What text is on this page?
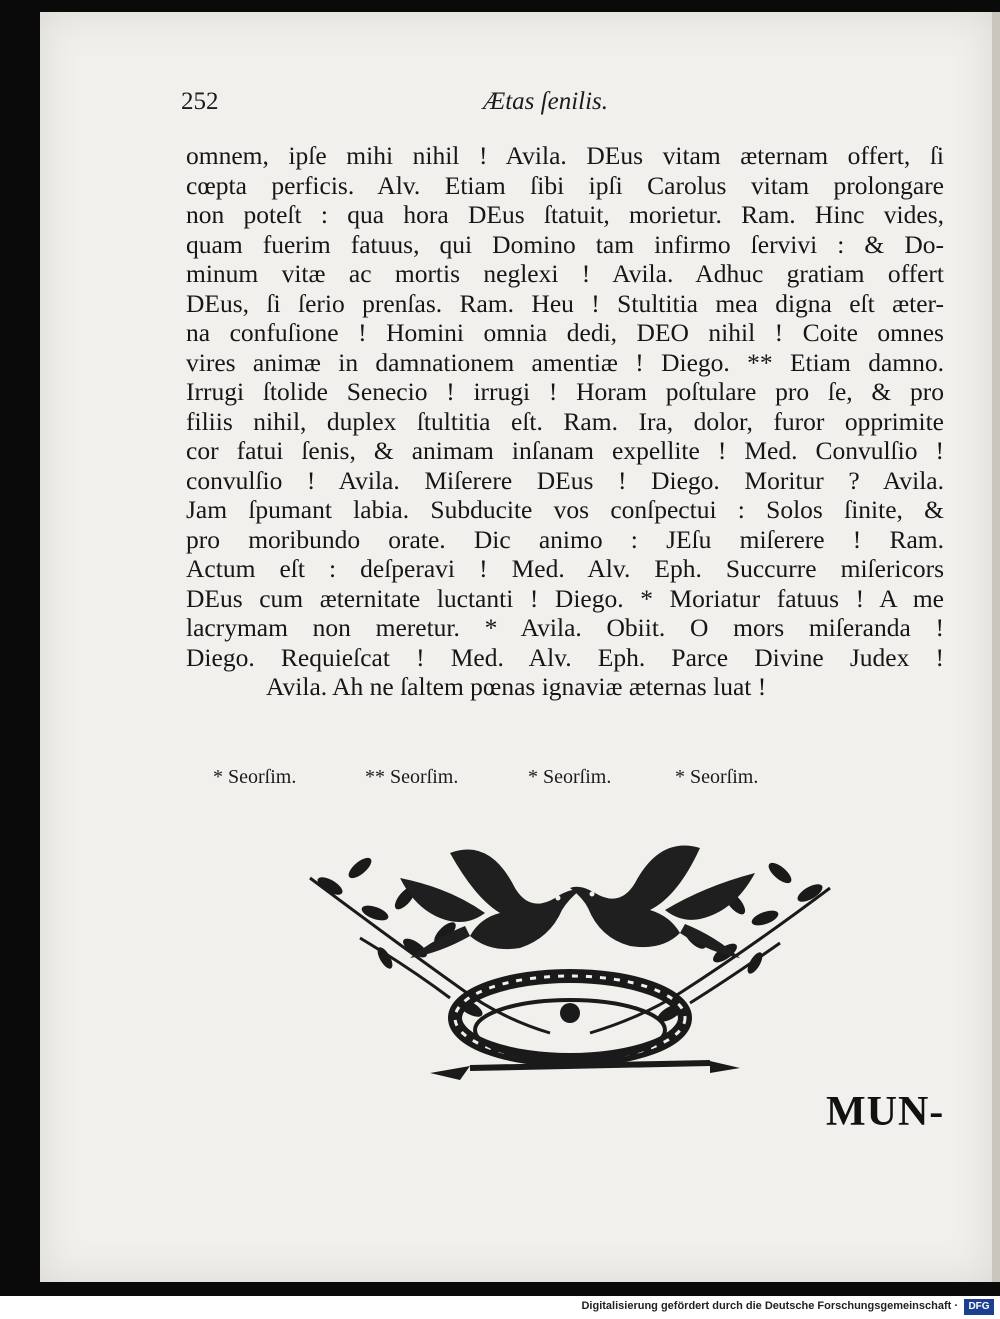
252	Ætas ſenilis.
omnem, ipſe mihi nihil ! Avila. DEus vitam æternam offert, ſi
cœpta perficis. Alv. Etiam ſibi ipſi Carolus vitam prolongare
non poteſt : qua hora DEus ſtatuit, morietur. Ram. Hinc vides,
quam fuerim fatuus, qui Domino tam infirmo ſervivi : & Do-
minum vitæ ac mortis neglexi ! Avila. Adhuc gratiam offert
DEus, ſi ſerio prenſas. Ram. Heu ! Stultitia mea digna eſt æter-
na confuſione ! Homini omnia dedi, DEO nihil ! Coite omnes
vires animæ in damnationem amentiæ ! Diego. ** Etiam damno.
Irrugi ſtolide Senecio ! irrugi ! Horam poſtulare pro ſe, & pro
filiis nihil, duplex ſtultitia eſt. Ram. Ira, dolor, furor opprimite
cor fatui ſenis, & animam inſanam expellite ! Med. Convulſio !
convulſio ! Avila. Miſerere DEus ! Diego. Moritur ? Avila.
Jam ſpumant labia. Subducite vos conſpectui : Solos ſinite, &
pro moribundo orate. Dic animo : JEſu miſerere ! Ram.
Actum eſt : deſperavi ! Med. Alv. Eph. Succurre miſericors
DEus cum æternitate luctanti ! Diego. * Moriatur fatuus ! A me
lacrymam non meretur. * Avila. Obiit. O mors miſeranda !
Diego. Requieſcat ! Med. Alv. Eph. Parce Divine Judex !
Avila. Ah ne ſaltem pœnas ignaviæ æternas luat !
* Seorſim.	** Seorſim.	* Seorſim.	* Seorſim.
MUN-
Digitalisierung gefördert durch die Deutsche Forschungsgemeinschaft ·	DFG
